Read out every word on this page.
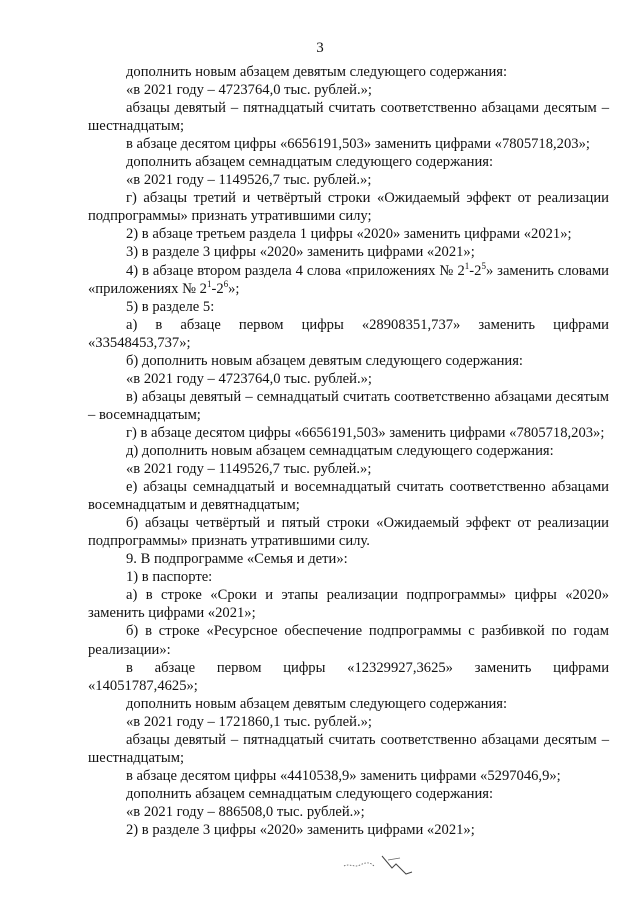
3

дополнить новым абзацем девятым следующего содержания:

«в 2021 году – 4723764,0 тыс. рублей.»;

абзацы девятый – пятнадцатый считать соответственно абзацами десятым – шестнадцатым;

в абзаце десятом цифры «6656191,503» заменить цифрами «7805718,203»;

дополнить абзацем семнадцатым следующего содержания:

«в 2021 году – 1149526,7 тыс. рублей.»;

г) абзацы третий и четвёртый строки «Ожидаемый эффект от реализации подпрограммы» признать утратившими силу;

2) в абзаце третьем раздела 1 цифры «2020» заменить цифрами «2021»;

3) в разделе 3 цифры «2020» заменить цифрами «2021»;

4) в абзаце втором раздела 4 слова «приложениях № $2^1-2^5$» заменить словами «приложениях № $2^1-2^6$»;

5) в разделе 5:

а) в абзаце первом цифры «28908351,737» заменить цифрами «33548453,737»;

б) дополнить новым абзацем девятым следующего содержания:

«в 2021 году – 4723764,0 тыс. рублей.»;

в) абзацы девятый – семнадцатый считать соответственно абзацами десятым – восемнадцатым;

г) в абзаце десятом цифры «6656191,503» заменить цифрами «7805718,203»;

д) дополнить новым абзацем семнадцатым следующего содержания:

«в 2021 году – 1149526,7 тыс. рублей.»;

е) абзацы семнадцатый и восемнадцатый считать соответственно абзацами восемнадцатым и девятнадцатым;

б) абзацы четвёртый и пятый строки «Ожидаемый эффект от реализации подпрограммы» признать утратившими силу.

9. В подпрограмме «Семья и дети»:

1) в паспорте:

а) в строке «Сроки и этапы реализации подпрограммы» цифры «2020» заменить цифрами «2021»;

б) в строке «Ресурсное обеспечение подпрограммы с разбивкой по годам реализации»:

в абзаце первом цифры «12329927,3625» заменить цифрами «14051787,4625»;

дополнить новым абзацем девятым следующего содержания:

«в 2021 году – 1721860,1 тыс. рублей.»;

абзацы девятый – пятнадцатый считать соответственно абзацами десятым – шестнадцатым;

в абзаце десятом цифры «4410538,9» заменить цифрами «5297046,9»;

дополнить абзацем семнадцатым следующего содержания:

«в 2021 году – 886508,0 тыс. рублей.»;

2) в разделе 3 цифры «2020» заменить цифрами «2021»;
